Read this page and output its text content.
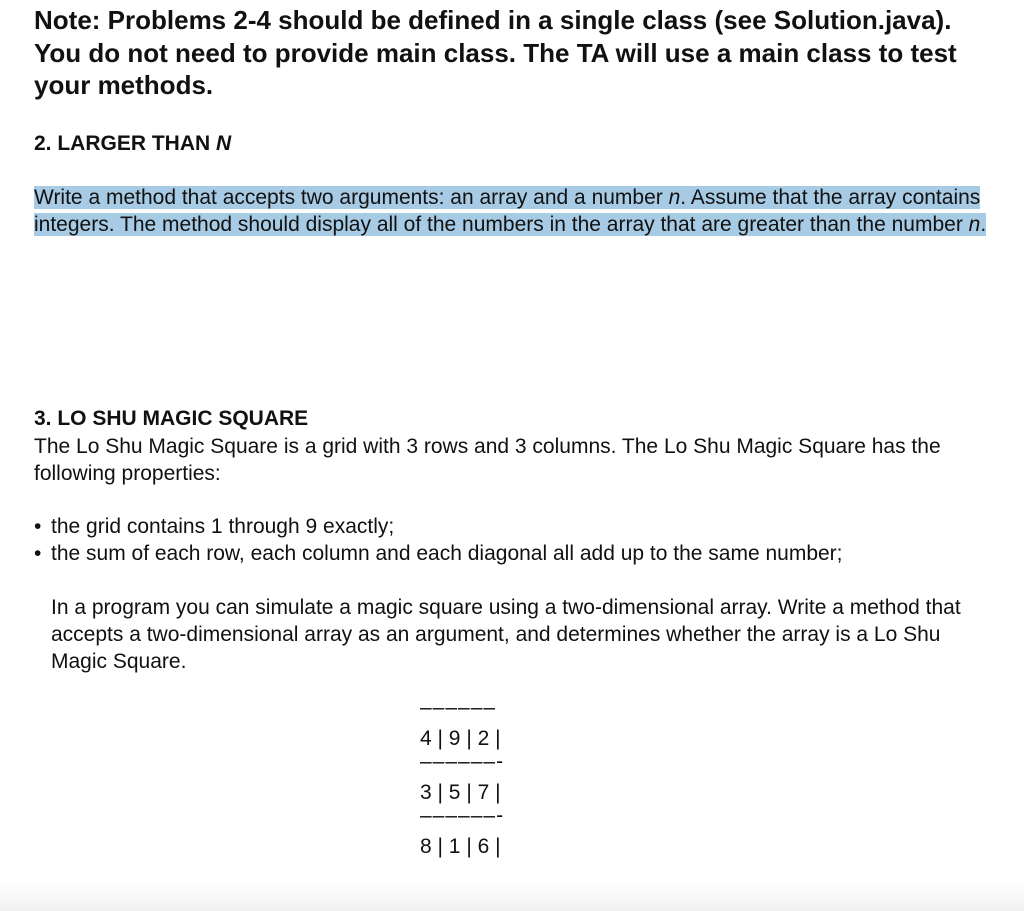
Note: Problems 2-4 should be defined in a single class (see Solution.java). You do not need to provide main class. The TA will use a main class to test your methods.
2. LARGER THAN N
Write a method that accepts two arguments: an array and a number n. Assume that the array contains integers. The method should display all of the numbers in the array that are greater than the number n.
3. LO SHU MAGIC SQUARE
The Lo Shu Magic Square is a grid with 3 rows and 3 columns. The Lo Shu Magic Square has the following properties:
• the grid contains 1 through 9 exactly;
• the sum of each row, each column and each diagonal all add up to the same number;
In a program you can simulate a magic square using a two-dimensional array. Write a method that accepts a two-dimensional array as an argument, and determines whether the array is a Lo Shu Magic Square.
––––––
4 | 9 | 2 |
––––––-
3 | 5 | 7 |
––––––-
8 | 1 | 6 |
